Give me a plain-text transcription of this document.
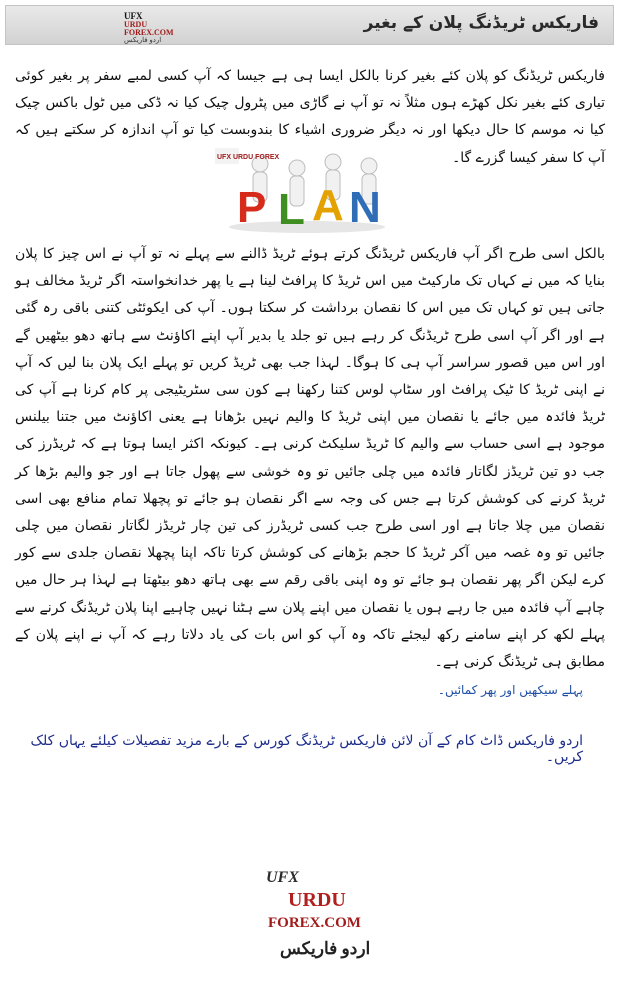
UFX
URDU FOREX.COM
اردو فاریکس
فاریکس ٹریڈنگ پلان کے بغیر

فاریکس ٹریڈنگ کو پلان کئے بغیر کرنا بالکل ایسا ہی ہے جیسا کہ آپ کسی لمبے سفر پر بغیر کوئی تیاری کئے بغیر نکل کھڑے ہوں مثلاً نہ تو آپ نے گاڑی میں پٹرول چیک کیا نہ ڈکی میں ٹول باکس چیک کیا نہ موسم کا حال دیکھا اور نہ دیگر ضروری اشیاء کا بندوبست کیا تو آپ اندازہ کر سکتے ہیں کہ آپ کا سفر کیسا گزرے گا۔

P L A N
UFX URDU FOREX

بالکل اسی طرح اگر آپ فاریکس ٹریڈنگ کرتے ہوئے ٹریڈ ڈالنے سے پہلے نہ تو آپ نے اس چیز کا پلان بنایا کہ میں نے کہاں تک مارکیٹ میں اس ٹریڈ کا پرافٹ لینا ہے یا پھر خدانخواستہ اگر ٹریڈ مخالف ہو جاتی ہیں تو کہاں تک میں اس کا نقصان برداشت کر سکتا ہوں۔ آپ کی ایکوئٹی کتنی باقی رہ گئی ہے اور اگر آپ اسی طرح ٹریڈنگ کر رہے ہیں تو جلد یا بدیر آپ اپنے اکاؤنٹ سے ہاتھ دھو بیٹھیں گے اور اس میں قصور سراسر آپ ہی کا ہوگا۔ لہذا جب بھی ٹریڈ کریں تو پہلے ایک پلان بنا لیں کہ آپ نے اپنی ٹریڈ کا ٹیک پرافٹ اور سٹاپ لوس کتنا رکھنا ہے کون سی سٹریٹیجی پر کام کرنا ہے آپ کی ٹریڈ فائدہ میں جائے یا نقصان میں اپنی ٹریڈ کا والیم نہیں بڑھانا ہے یعنی اکاؤنٹ میں جتنا بیلنس موجود ہے اسی حساب سے والیم کا ٹریڈ سلیکٹ کرنی ہے۔ کیونکہ اکثر ایسا ہوتا ہے کہ ٹریڈرز کی جب دو تین ٹریڈز لگاتار فائدہ میں چلی جائیں تو وہ خوشی سے پھول جاتا ہے اور جو والیم بڑھا کر ٹریڈ کرنے کی کوشش کرتا ہے جس کی وجہ سے اگر نقصان ہو جائے تو پچھلا تمام منافع بھی اسی نقصان میں چلا جاتا ہے اور اسی طرح جب کسی ٹریڈرز کی تین چار ٹریڈز لگاتار نقصان میں چلی جائیں تو وہ غصہ میں آکر ٹریڈ کا حجم بڑھانے کی کوشش کرتا تاکہ اپنا پچھلا نقصان جلدی سے کور کرے لیکن اگر پھر نقصان ہو جائے تو وہ اپنی باقی رقم سے بھی ہاتھ دھو بیٹھتا ہے لہذا ہر حال میں چاہے آپ فائدہ میں جا رہے ہوں یا نقصان میں اپنے پلان سے ہٹنا نہیں چاہیے اپنا پلان ٹریڈنگ کرنے سے پہلے لکھ کر اپنے سامنے رکھ لیجئے تاکہ وہ آپ کو اس بات کی یاد دلاتا رہے کہ آپ نے اپنے پلان کے مطابق ہی ٹریڈنگ کرنی ہے۔

پہلے سیکھیں اور پھر کمائیں۔
اردو فاریکس ڈاٹ کام کے آن لائن فاریکس ٹریڈنگ کورس کے بارے مزید تفصیلات کیلئے یہاں کلک کریں۔
UFX
URDU
FOREX.COM
اردو فاریکس
